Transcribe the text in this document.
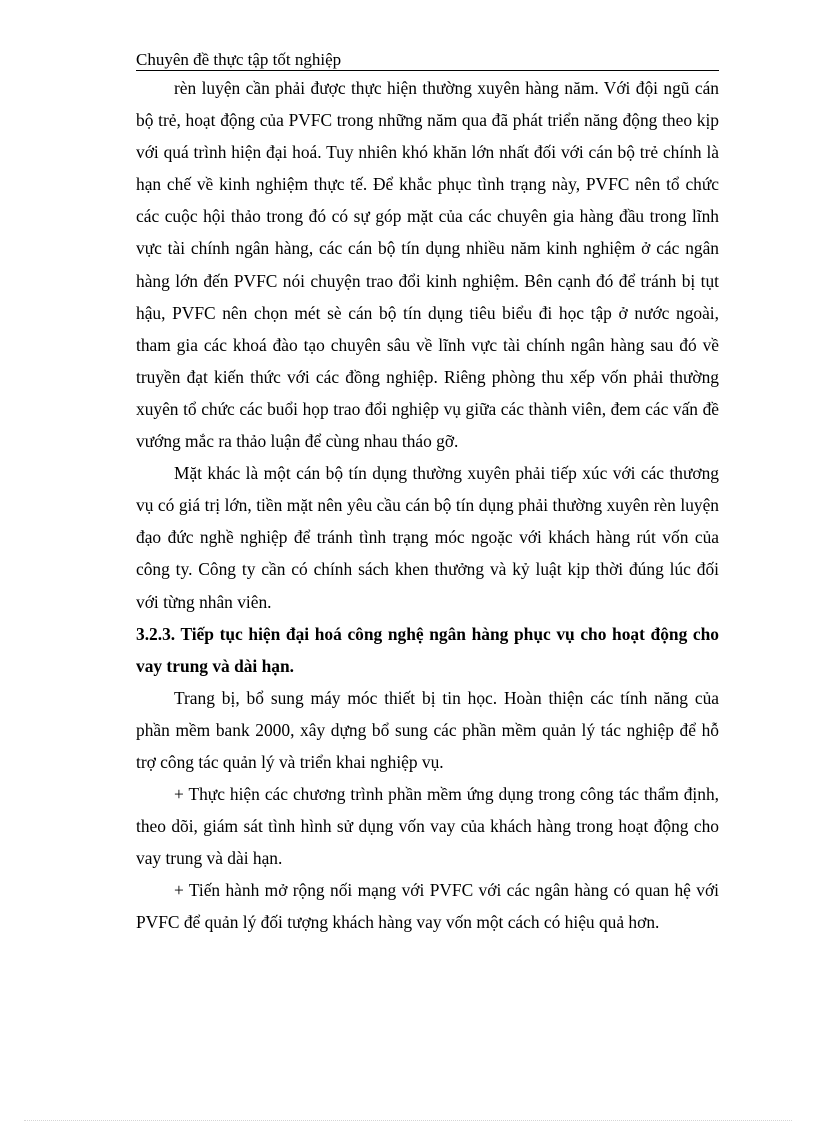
Chuyên đề thực tập tốt nghiệp

rèn luyện cần phải được thực hiện thường xuyên hàng năm. Với đội ngũ cán bộ trẻ, hoạt động của PVFC trong những năm qua đã phát triển năng động theo kịp với quá trình hiện đại hoá. Tuy nhiên khó khăn lớn nhất đối với cán bộ trẻ chính là hạn chế về kinh nghiệm thực tế. Để khắc phục tình trạng này, PVFC nên tổ chức các cuộc hội thảo trong đó có sự góp mặt của các chuyên gia hàng đầu trong lĩnh vực tài chính ngân hàng, các cán bộ tín dụng nhiều năm kinh nghiệm ở các ngân hàng lớn đến PVFC nói chuyện trao đổi kinh nghiệm. Bên cạnh đó để tránh bị tụt hậu, PVFC nên chọn mét sè cán bộ tín dụng tiêu biểu đi học tập ở nước ngoài, tham gia các khoá đào tạo chuyên sâu về lĩnh vực tài chính ngân hàng sau đó về truyền đạt kiến thức với các đồng nghiệp. Riêng phòng thu xếp vốn phải thường xuyên tổ chức các buổi họp trao đổi nghiệp vụ giữa các thành viên, đem các vấn đề vướng mắc ra thảo luận để cùng nhau tháo gỡ.

Mặt khác là một cán bộ tín dụng thường xuyên phải tiếp xúc với các thương vụ có giá trị lớn, tiền mặt nên yêu cầu cán bộ tín dụng phải thường xuyên rèn luyện đạo đức nghề nghiệp để tránh tình trạng móc ngoặc với khách hàng rút vốn của công ty. Công ty cần có chính sách khen thưởng và kỷ luật kịp thời đúng lúc đối với từng nhân viên.

3.2.3. Tiếp tục hiện đại hoá công nghệ ngân hàng phục vụ cho hoạt động cho vay trung và dài hạn.

Trang bị, bổ sung máy móc thiết bị tin học. Hoàn thiện các tính năng của phần mềm bank 2000, xây dựng bổ sung các phần mềm quản lý tác nghiệp để hỗ trợ công tác quản lý và triển khai nghiệp vụ.

+ Thực hiện các chương trình phần mềm ứng dụng trong công tác thẩm định, theo dõi, giám sát tình hình sử dụng vốn vay của khách hàng trong hoạt động cho vay trung và dài hạn.

+ Tiến hành mở rộng nối mạng với PVFC với các ngân hàng có quan hệ với PVFC để quản lý đối tượng khách hàng vay vốn một cách có hiệu quả hơn.
